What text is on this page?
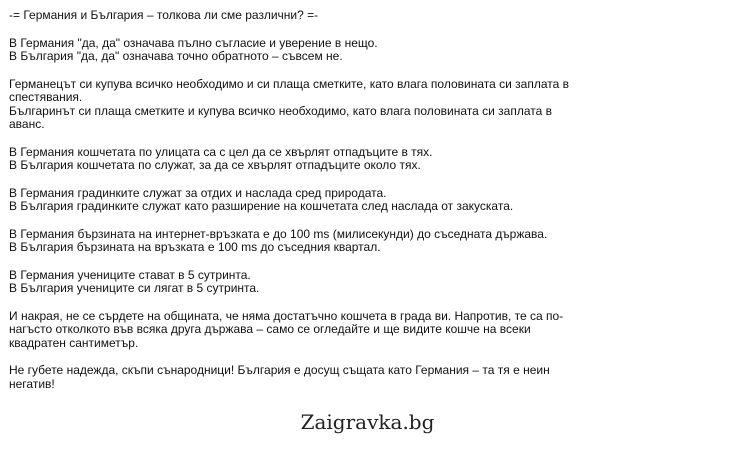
-= Германия и България – толкова ли сме различни? =-

В Германия "да, да" означава пълно съгласие и уверение в нещо.

В България "да, да" означава точно обратното – съвсем не.

Германецът си купува всичко необходимо и си плаща сметките, като влага половината си заплата в спестявания.

Българинът си плаща сметките и купува всичко необходимо, като влага половината си заплата в аванс.

В Германия кошчетата по улицата са с цел да се хвърлят отпадъците в тях.

В България кошчетата по служат, за да се хвърлят отпадъците около тях.

В Германия градинките служат за отдих и наслада сред природата.

В България градинките служат като разширение на кошчетата след наслада от закуската.

В Германия бързината на интернет-връзката е до 100 ms (милисекунди) до съседната държава.

В България бързината на връзката е 100 ms до съседния квартал.

В Германия учениците стават в 5 сутринта.

В България учениците си лягат в 5 сутринта.

И накрая, не се сърдете на общината, че няма достатъчно кошчета в града ви. Напротив, те са по-нагъсто отколкото във всяка друга държава – само се огледайте и ще видите кошче на всеки квадратен сантиметър.

Не губете надежда, скъпи сънародници! България е досущ същата като Германия – та тя е неин негатив!

Zaigravka.bg
